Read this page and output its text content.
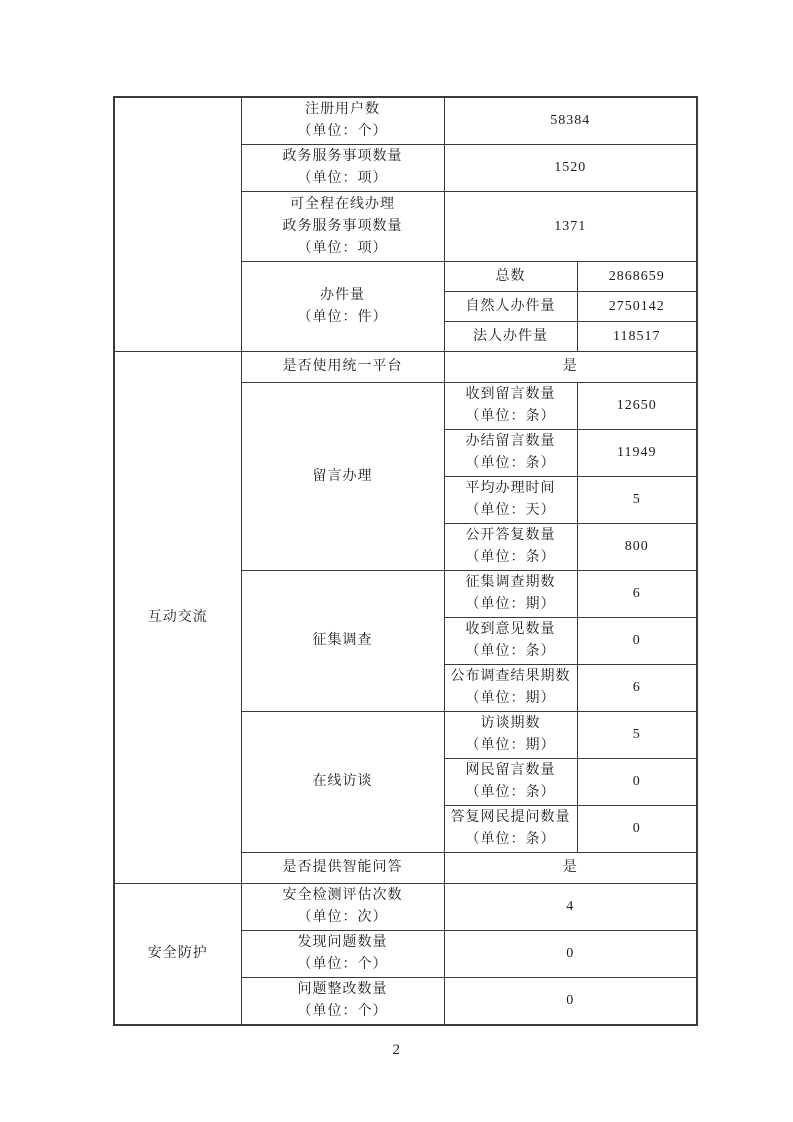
	注册用户数
（单位：个）	58384	

	政务服务事项数量
（单位：项）	1520	

	可全程在线办理
政务服务事项数量
（单位：项）	1371	

	办件量
（单位：件）	总数	2868659
		自然人办件量	2750142
		法人办件量	118517
互动交流	是否使用统一平台	是	
	留言办理	收到留言数量
（单位：条）	12650

		办结留言数量
（单位：条）	11949

		平均办理时间
（单位：天）	5

		公开答复数量
（单位：条）	800
	征集调查	征集调查期数
（单位：期）	6

		收到意见数量
（单位：条）	0

		公布调查结果期数
（单位：期）	6
	在线访谈	访谈期数
（单位：期）	5

		网民留言数量
（单位：条）	0

		答复网民提问数量
（单位：条）	0
	是否提供智能问答	是	
安全防护	安全检测评估次数
（单位：次）	4	

	发现问题数量
（单位：个）	0	

	问题整改数量
（单位：个）	0	
2
